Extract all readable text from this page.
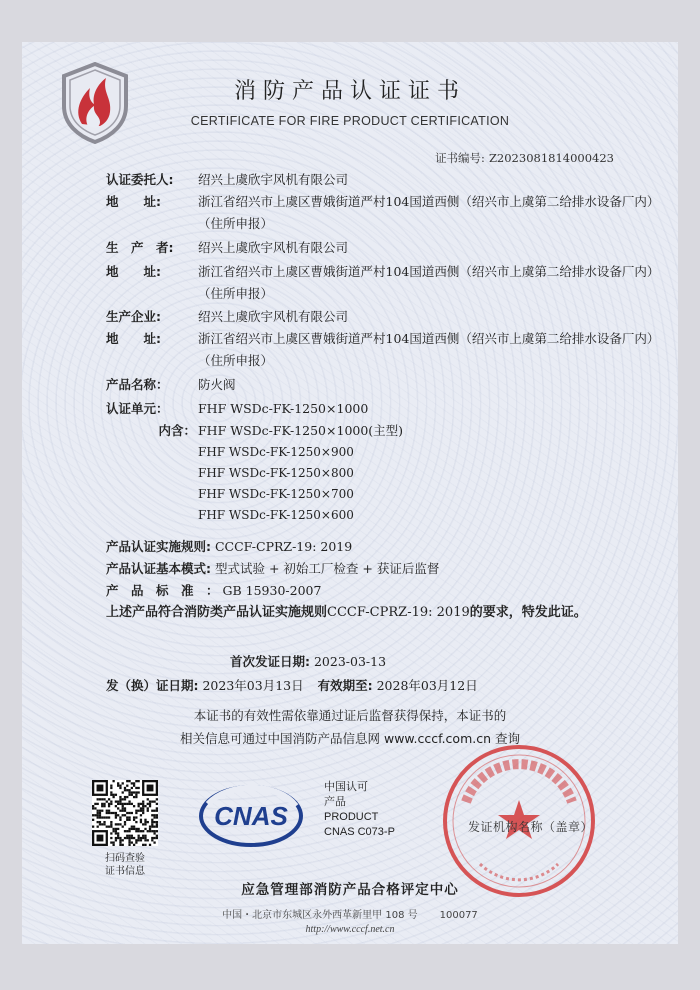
消防产品认证证书
CERTIFICATE FOR FIRE PRODUCT CERTIFICATION
证书编号: Z2023081814000423
认证委托人: 绍兴上虞欣宇风机有限公司
地　　址:	浙江省绍兴市上虞区曹娥街道严村104国道西侧（绍兴市上虞第二给排水设备厂内）（住所申报）
生　产　者: 绍兴上虞欣宇风机有限公司
地　　址:	浙江省绍兴市上虞区曹娥街道严村104国道西侧（绍兴市上虞第二给排水设备厂内）（住所申报）
生产企业:	绍兴上虞欣宇风机有限公司
地　　址:	浙江省绍兴市上虞区曹娥街道严村104国道西侧（绍兴市上虞第二给排水设备厂内）（住所申报）
产品名称： 防火阀
认证单元： FHF WSDc-FK-1250×1000
内含： FHF WSDc-FK-1250×1000(主型)
FHF WSDc-FK-1250×900
FHF WSDc-FK-1250×800
FHF WSDc-FK-1250×700
FHF WSDc-FK-1250×600
产品认证实施规则: CCCF-CPRZ-19: 2019
产品认证基本模式: 型式试验 + 初始工厂检查 + 获证后监督
产　品　标　准　： GB 15930-2007
上述产品符合消防类产品认证实施规则CCCF-CPRZ-19: 2019的要求，特发此证。
首次发证日期: 2023-03-13
发（换）证日期: 2023年03月13日 有效期至: 2028年03月12日
本证书的有效性需依靠通过证后监督获得保持，本证书的
相关信息可通过中国消防产品信息网 www.cccf.com.cn 查询
扫码查验
证书信息
CNAS
中国认可
产品
PRODUCT
CNAS C073-P	发证机构名称（盖章）
应急管理部消防产品合格评定中心
中国・北京市东城区永外西革新里甲 108 号 100077
http://www.cccf.net.cn
